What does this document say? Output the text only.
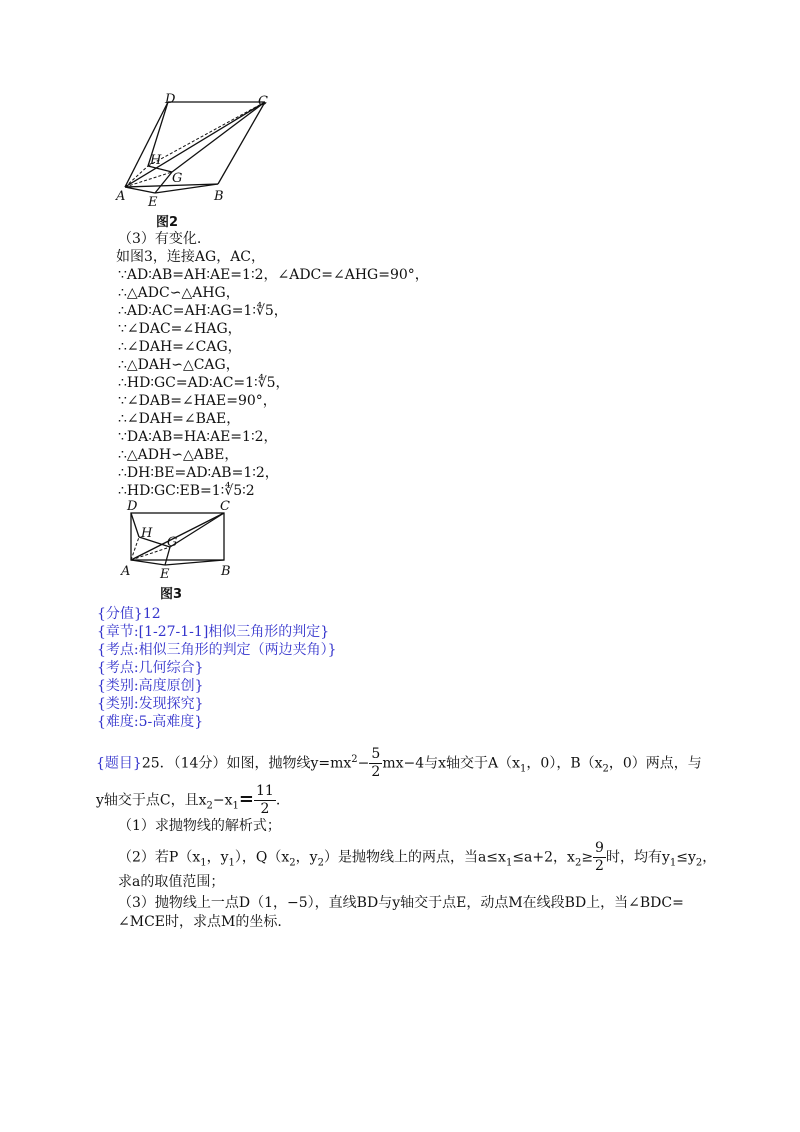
D	C
H
G
A E	B
图2
（3）有变化.
如图3，连接AG，AC，
∵AD∶AB=AH∶AE=1∶2，∠ADC=∠AHG=90°，
∴△ADC∽△AHG，
∴AD∶AC=AH∶AG=1∶∜5，
∵∠DAC=∠HAG，
∴∠DAH=∠CAG，
∴△DAH∽△CAG，
∴HD∶GC=AD∶AC=1∶∜5，
∵∠DAB=∠HAE=90°，
∴∠DAH=∠BAE，
∵DA∶AB=HA∶AE=1∶2，
∴△ADH∽△ABE，
∴DH∶BE=AD∶AB=1∶2，
∴HD∶GC∶EB=1∶∜5∶2
D	C
H
G
A E	B
图3
{分值}12
{章节:[1-27-1-1]相似三角形的判定}
{考点:相似三角形的判定（两边夹角）}
{考点:几何综合}
{类别:高度原创}
{类别:发现探究}
{难度:5-高难度}
{题目}25．（14分）如图，抛物线$y=mx^2- \frac{5}{2} mx-4$与x轴交于$A(x_1$，0），$B(x_2$，0）两点，与
y轴交于点C，且$x_2-x_1= \frac{11}{2}$ .
（1）求抛物线的解析式；
（2）若$P(x_1$，$y_1$），$Q(x_2$，$y_2$）是抛物线上的两点，当$a\le x_1\le a+2$，$x_2\ge \frac{9}{2}$ 时，均有$y_1\le y_2$，
求a的取值范围；
（3）抛物线上一点D（1，−5），直线BD与y轴交于点E，动点M在线段BD上，当∠BDC=
∠MCE时，求点M的坐标.
